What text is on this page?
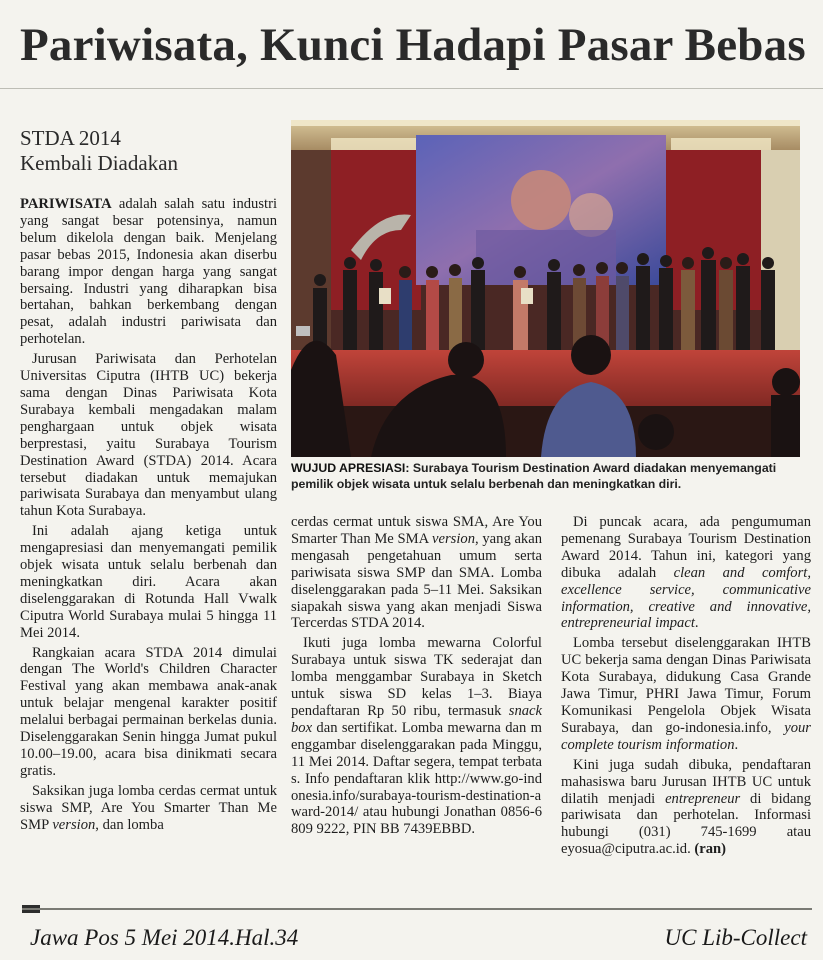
Pariwisata, Kunci Hadapi Pasar Bebas
STDA 2014
Kembali Diadakan

PARIWISATA adalah salah satu industri yang sangat besar potensinya, namun belum dikelola dengan baik. Menjelang pasar bebas 2015, Indonesia akan diserbu barang impor dengan harga yang sangat bersaing. Industri yang diharapkan bisa bertahan, bahkan berkembang dengan pesat, adalah industri pariwisata dan perhotelan.

Jurusan Pariwisata dan Perhotelan Universitas Ciputra (IHTB UC) bekerja sama dengan Dinas Pariwisata Kota Surabaya kembali mengadakan malam penghargaan untuk objek wisata berprestasi, yaitu Surabaya Tourism Destination Award (STDA) 2014. Acara tersebut diadakan untuk memajukan pariwisata Surabaya dan menyambut ulang tahun Kota Surabaya.

Ini adalah ajang ketiga untuk mengapresiasi dan menyemangati pemilik objek wisata untuk selalu berbenah dan meningkatkan diri. Acara akan diselenggarakan di Rotunda Hall Vwalk Ciputra World Surabaya mulai 5 hingga 11 Mei 2014.

Rangkaian acara STDA 2014 dimulai dengan The World's Children Character Festival yang akan membawa anak-anak untuk belajar mengenal karakter positif melalui berbagai permainan berkelas dunia. Diselenggarakan Senin hingga Jumat pukul 10.00–19.00, acara bisa dinikmati secara gratis.

Saksikan juga lomba cerdas cermat untuk siswa SMP, Are You Smarter Than Me SMP version, dan lomba

WUJUD APRESIASI: Surabaya Tourism Destination Award diadakan menyemangati pemilik objek wisata untuk selalu berbenah dan meningkatkan diri.

cerdas cermat untuk siswa SMA, Are You Smarter Than Me SMA version, yang akan mengasah pengetahuan umum serta pariwisata siswa SMP dan SMA. Lomba diselenggarakan pada 5–11 Mei. Saksikan siapakah siswa yang akan menjadi Siswa Tercerdas STDA 2014.

Ikuti juga lomba mewarna Colorful Surabaya untuk siswa TK sederajat dan lomba menggambar Surabaya in Sketch untuk siswa SD kelas 1–3. Biaya pendaftaran Rp 50 ribu, termasuk snack box dan sertifikat. Lomba mewarna dan menggambar diselenggarakan pada Minggu, 11 Mei 2014. Daftar segera, tempat terbatas. Info pendaftaran klik http://www.go-indonesia.info/surabaya-tourism-destination-award-2014/ atau hubungi Jonathan 0856-6809 9222, PIN BB 7439EBBD.

Di puncak acara, ada pengumuman pemenang Surabaya Tourism Destination Award 2014. Tahun ini, kategori yang dibuka adalah clean and comfort, excellence service, communicative information, creative and innovative, entrepreneurial impact.

Lomba tersebut diselenggarakan IHTB UC bekerja sama dengan Dinas Pariwisata Kota Surabaya, didukung Casa Grande Jawa Timur, PHRI Jawa Timur, Forum Komunikasi Pengelola Objek Wisata Surabaya, dan go-indonesia.info, your complete tourism information.

Kini juga sudah dibuka, pendaftaran mahasiswa baru Jurusan IHTB UC untuk dilatih menjadi entrepreneur di bidang pariwisata dan perhotelan. Informasi hubungi (031) 745-1699 atau eyosua@ciputra.ac.id. (ran)

Jawa Pos 5 Mei 2014.Hal.34	UC Lib-Collect
